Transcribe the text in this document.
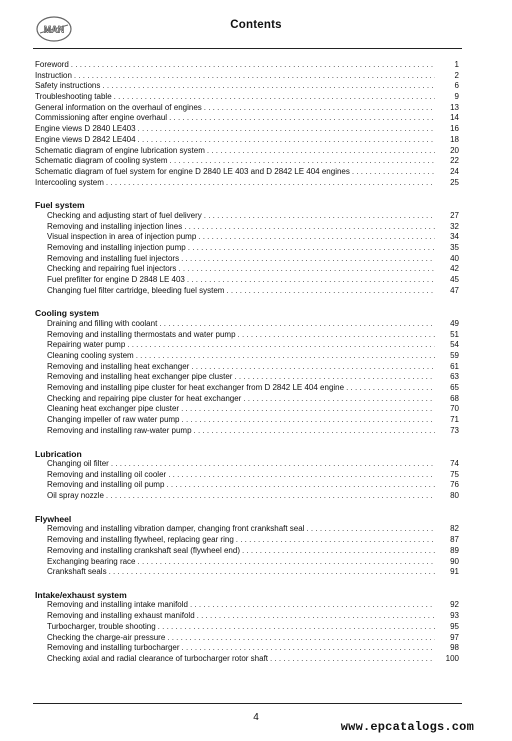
MAN	Contents
Foreword . . .	1
Instruction . . .	2
Safety instructions . . .	6
Troubleshooting table . . .	9
General information on the overhaul of engines . . .	13
Commissioning after engine overhaul . . .	14
Engine views D 2840 LE403 . . .	16
Engine views D 2842 LE404 . . .	18
Schematic diagram of engine lubrication system . . .	20
Schematic diagram of cooling system . . .	22
Schematic diagram of fuel system for engine D 2840 LE 403 and D 2842 LE 404 engines . . .	24
Intercooling system . . .	25
Fuel system
Checking and adjusting start of fuel delivery . . .	27
Removing and installing injection lines . . .	32
Visual inspection in area of injection pump . . .	34
Removing and installing injection pump . . .	35
Removing and installing fuel injectors . . .	40
Checking and repairing fuel injectors . . .	42
Fuel prefilter for engine D 2848 LE 403 . . .	45
Changing fuel filter cartridge, bleeding fuel system . . .	47
Cooling system
Draining and filling with coolant . . .	49
Removing and installing thermostats and water pump . . .	51
Repairing water pump . . .	54
Cleaning cooling system . . .	59
Removing and installing heat exchanger . . .	61
Removing and installing heat exchanger pipe cluster . . .	63
Removing and installing pipe cluster for heat exchanger from D 2842 LE 404 engine . . .	65
Checking and repairing pipe cluster for heat exchanger . . .	68
Cleaning heat exchanger pipe cluster . . .	70
Changing impeller of raw water pump . . .	71
Removing and installing raw-water pump . . .	73
Lubrication
Changing oil filter . . .	74
Removing and installing oil cooler . . .	75
Removing and installing oil pump . . .	76
Oil spray nozzle . . .	80
Flywheel
Removing and installing vibration damper, changing front crankshaft seal . . .	82
Removing and installing flywheel, replacing gear ring . . .	87
Removing and installing crankshaft seal (flywheel end) . . .	89
Exchanging bearing race . . .	90
Crankshaft seals . . .	91
Intake/exhaust system
Removing and installing intake manifold . . .	92
Removing and installing exhaust manifold . . .	93
Turbocharger, trouble shooting . . .	95
Checking the charge-air pressure . . .	97
Removing and installing turbocharger . . .	98
Checking axial and radial clearance of turbocharger rotor shaft . . .	100
4
www.epcatalogs.com
